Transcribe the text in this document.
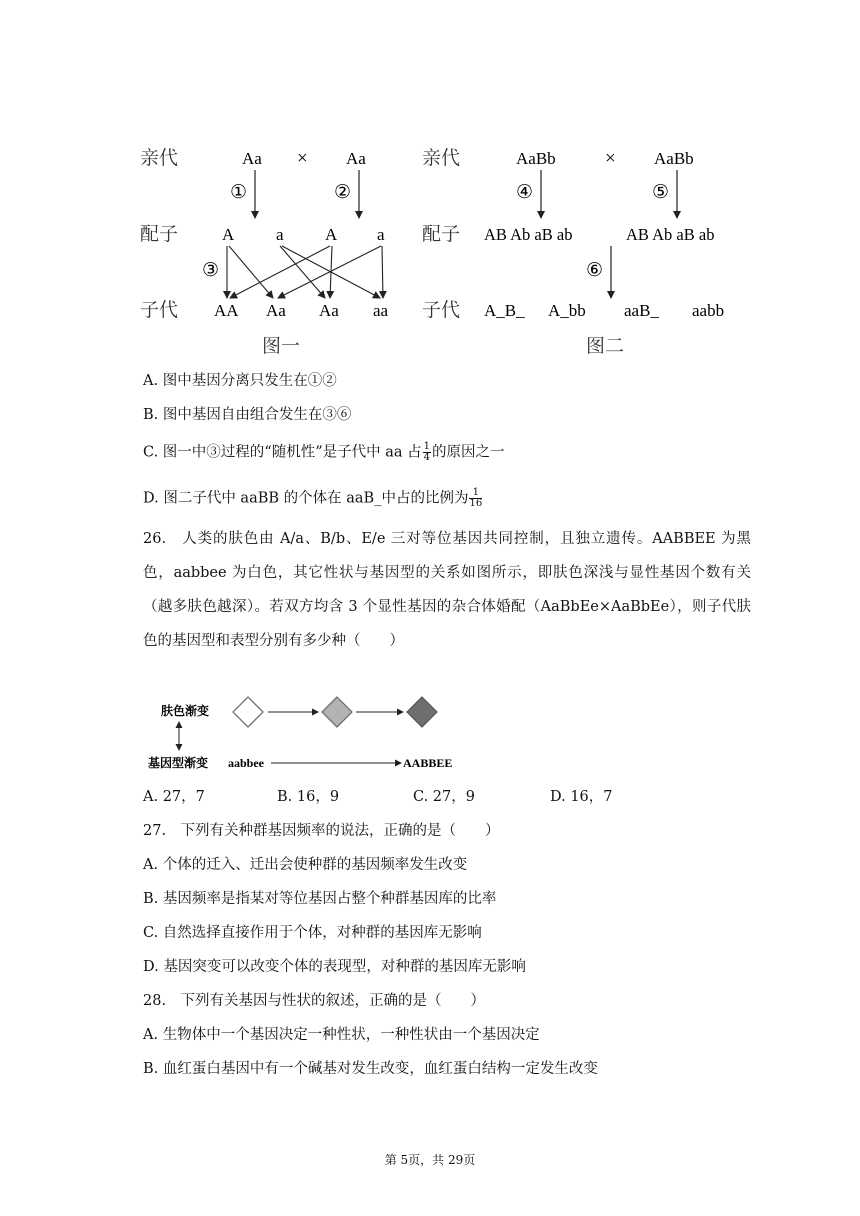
亲代
配子
子代
Aa × Aa
①	②
A a A a
③
AA Aa Aa aa
图一
亲代
配子
子代
AaBb	× AaBb
④	⑤
AB Ab aB ab	AB Ab aB ab
⑥
A_B_ A_bb aaB_ aabb
图二
A. 图中基因分离只发生在①②
B. 图中基因自由组合发生在③⑥
C. 图一中③过程的“随机性”是子代中 aa 占 $\frac{1}{4}$ 的原因之一
D. 图二子代中 aaBB 的个体在 aaB_中占的比例为 $\frac{1}{16}$
26.　人类的肤色由 A/a、B/b、E/e 三对等位基因共同控制，且独立遗传。AABBEE 为黑色，aabbee 为白色，其它性状与基因型的关系如图所示，即肤色深浅与显性基因个数有关（越多肤色越深）。若双方均含 3 个显性基因的杂合体婚配（AaBbEe×AaBbEe），则子代肤色的基因型和表型分别有多少种（　　）
肤色渐变
基因型渐变 aabbee	AABBEE
A. 27，7	B. 16，9	C. 27，9	D. 16，7
27.　下列有关种群基因频率的说法，正确的是（　　）
A. 个体的迁入、迁出会使种群的基因频率发生改变
B. 基因频率是指某对等位基因占整个种群基因库的比率
C. 自然选择直接作用于个体，对种群的基因库无影响
D. 基因突变可以改变个体的表现型，对种群的基因库无影响
28.　下列有关基因与性状的叙述，正确的是（　　）
A. 生物体中一个基因决定一种性状，一种性状由一个基因决定
B. 血红蛋白基因中有一个碱基对发生改变，血红蛋白结构一定发生改变
第 5页，共 29页
